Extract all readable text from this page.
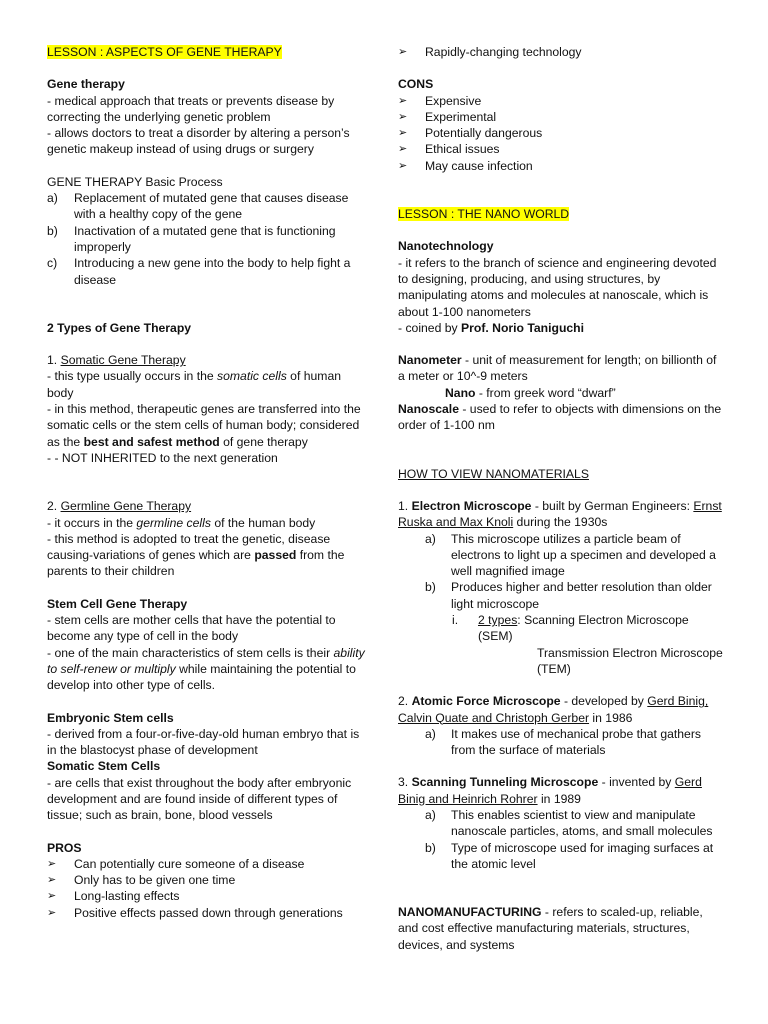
LESSON : ASPECTS OF GENE THERAPY

Gene therapy

- medical approach that treats or prevents disease by correcting the underlying genetic problem

- allows doctors to treat a disorder by altering a person’s genetic makeup instead of using drugs or surgery

GENE THERAPY Basic Process

a) Replacement of mutated gene that causes disease with a healthy copy of the gene
b) Inactivation of a mutated gene that is functioning improperly
c) Introducing a new gene into the body to help fight a disease

2 Types of Gene Therapy

1. Somatic Gene Therapy

- this type usually occurs in the somatic cells of human body

- in this method, therapeutic genes are transferred into the somatic cells or the stem cells of human body; considered as the best and safest method of gene therapy

- - NOT INHERITED to the next generation

2. Germline Gene Therapy

- it occurs in the germline cells of the human body

- this method is adopted to treat the genetic, disease causing-variations of genes which are passed from the parents to their children

Stem Cell Gene Therapy

- stem cells are mother cells that have the potential to become any type of cell in the body

- one of the main characteristics of stem cells is their ability to self-renew or multiply while maintaining the potential to develop into other type of cells.

Embryonic Stem cells

- derived from a four-or-five-day-old human embryo that is in the blastocyst phase of development

Somatic Stem Cells

- are cells that exist throughout the body after embryonic development and are found inside of different types of tissue; such as brain, bone, blood vessels

PROS

➢ Can potentially cure someone of a disease
➢ Only has to be given one time
➢ Long-lasting effects
➢ Positive effects passed down through generations
➢ Rapidly-changing technology

CONS

➢ Expensive
➢ Experimental
➢ Potentially dangerous
➢ Ethical issues
➢ May cause infection

LESSON : THE NANO WORLD

Nanotechnology

- it refers to the branch of science and engineering devoted to designing, producing, and using structures, by manipulating atoms and molecules at nanoscale, which is about 1-100 nanometers

- coined by Prof. Norio Taniguchi

Nanometer - unit of measurement for length; on billionth of a meter or 10^-9 meters

Nano - from greek word “dwarf”

Nanoscale - used to refer to objects with dimensions on the order of 1-100 nm

HOW TO VIEW NANOMATERIALS

1. Electron Microscope - built by German Engineers: Ernst Ruska and Max Knoli during the 1930s

a) This microscope utilizes a particle beam of electrons to light up a specimen and developed a well magnified image
b) Produces higher and better resolution than older light microscope
i. 2 types: Scanning Electron Microscope (SEM)

Transmission Electron Microscope (TEM)

2. Atomic Force Microscope - developed by Gerd Binig, Calvin Quate and Christoph Gerber in 1986

a) It makes use of mechanical probe that gathers from the surface of materials

3. Scanning Tunneling Microscope - invented by Gerd Binig and Heinrich Rohrer in 1989

a) This enables scientist to view and manipulate nanoscale particles, atoms, and small molecules
b) Type of microscope used for imaging surfaces at the atomic level

NANOMANUFACTURING - refers to scaled-up, reliable, and cost effective manufacturing materials, structures, devices, and systems
